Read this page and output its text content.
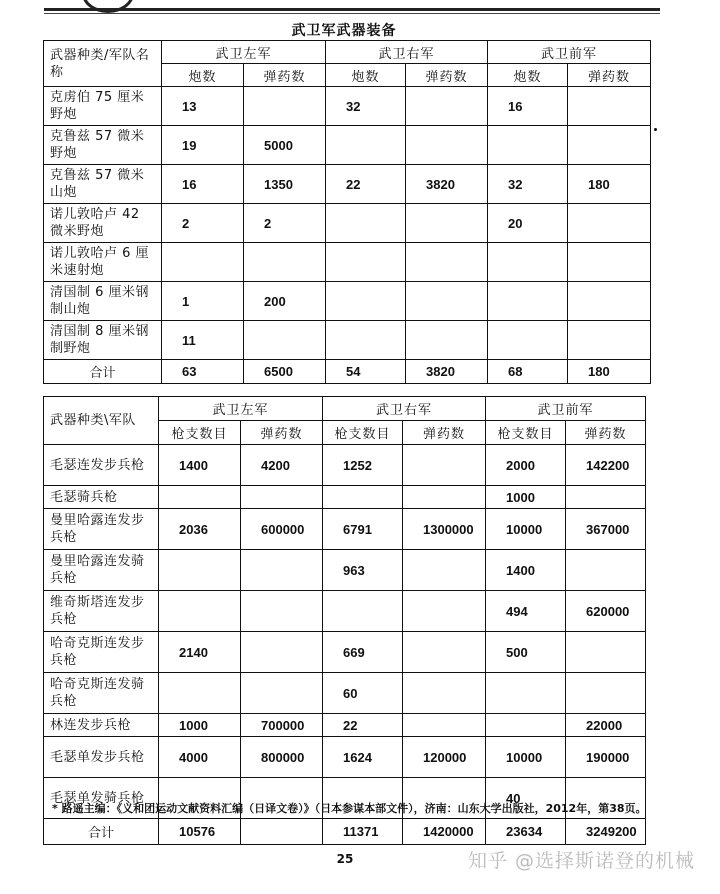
武卫军武器装备
武器种类/军队名称	武卫左军		武卫右军		武卫前军	
	炮数	弹药数	炮数	弹药数	炮数	弹药数
克虏伯 75 厘米野炮	13		32		16	
克鲁兹 57 微米野炮	19	5000				
克鲁兹 57 微米山炮	16	1350	22	3820	32	180
诺儿敦哈卢 42 微米野炮	2	2			20	
诺儿敦哈卢 6 厘米速射炮						
清国制 6 厘米钢制山炮	1	200				
清国制 8 厘米钢制野炮	11					
合计	63	6500	54	3820	68	180
武器种类\军队	武卫左军		武卫右军		武卫前军	
	枪支数目	弹药数	枪支数目	弹药数	枪支数目	弹药数
毛瑟连发步兵枪	1400	4200	1252		2000	142200
毛瑟骑兵枪					1000	
曼里哈露连发步兵枪	2036	600000	6791	1300000	10000	367000
曼里哈露连发骑兵枪			963		1400	
维奇斯塔连发步兵枪					494	620000
哈奇克斯连发步兵枪	2140		669		500	
哈奇克斯连发骑兵枪			60			
林连发步兵枪	1000	700000	22			22000
毛瑟单发步兵枪	4000	800000	1624	120000	10000	190000
毛瑟单发骑兵枪					40	
合计	10576		11371	1420000	23634	3249200
* 路遥主编：《义和团运动文献资料汇编（日译文卷）》（日本参谋本部文件），济南：山东大学出版社，2012年，第38页。
25	知乎 @选择斯诺登的机械
